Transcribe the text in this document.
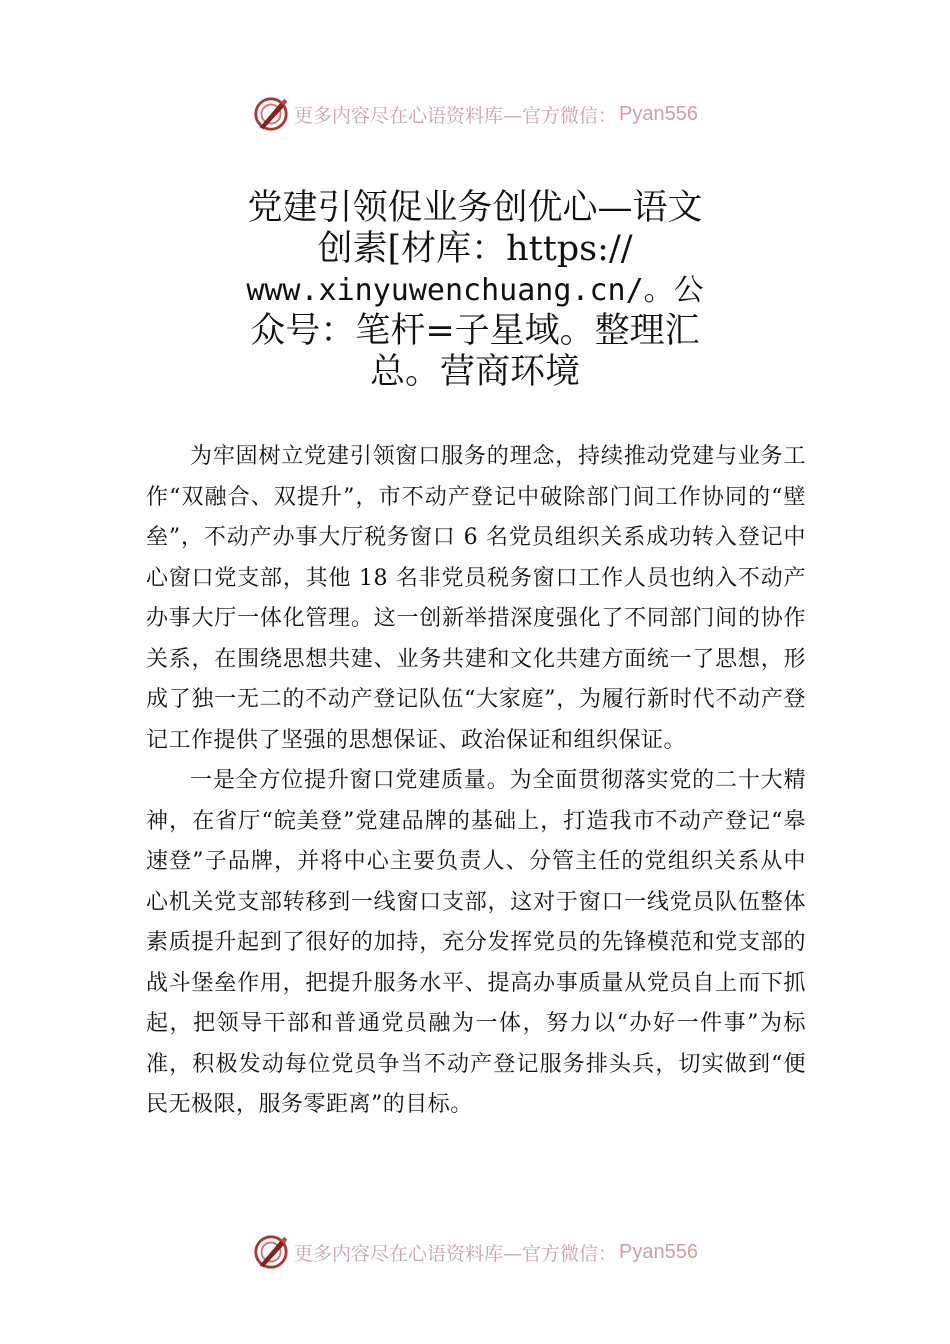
更多内容尽在心语资料库—官方微信： Pyan556
党建引领促业务创优心—语文
创素[材库：https://
www.xinyuwenchuang.cn/。公
众号：笔杆=子星域。整理汇
总。营商环境

为牢固树立党建引领窗口服务的理念，持续推动党建与业务工作“双融合、双提升”，市不动产登记中破除部门间工作协同的“壁垒”，不动产办事大厅税务窗口 6 名党员组织关系成功转入登记中心窗口党支部，其他 18 名非党员税务窗口工作人员也纳入不动产办事大厅一体化管理。这一创新举措深度强化了不同部门间的协作关系，在围绕思想共建、业务共建和文化共建方面统一了思想，形成了独一无二的不动产登记队伍“大家庭”，为履行新时代不动产登记工作提供了坚强的思想保证、政治保证和组织保证。

一是全方位提升窗口党建质量。为全面贯彻落实党的二十大精神，在省厅“皖美登”党建品牌的基础上，打造我市不动产登记“皋速登”子品牌，并将中心主要负责人、分管主任的党组织关系从中心机关党支部转移到一线窗口支部，这对于窗口一线党员队伍整体素质提升起到了很好的加持，充分发挥党员的先锋模范和党支部的战斗堡垒作用，把提升服务水平、提高办事质量从党员自上而下抓起，把领导干部和普通党员融为一体，努力以“办好一件事”为标准，积极发动每位党员争当不动产登记服务排头兵，切实做到“便民无极限，服务零距离”的目标。

更多内容尽在心语资料库—官方微信： Pyan556
